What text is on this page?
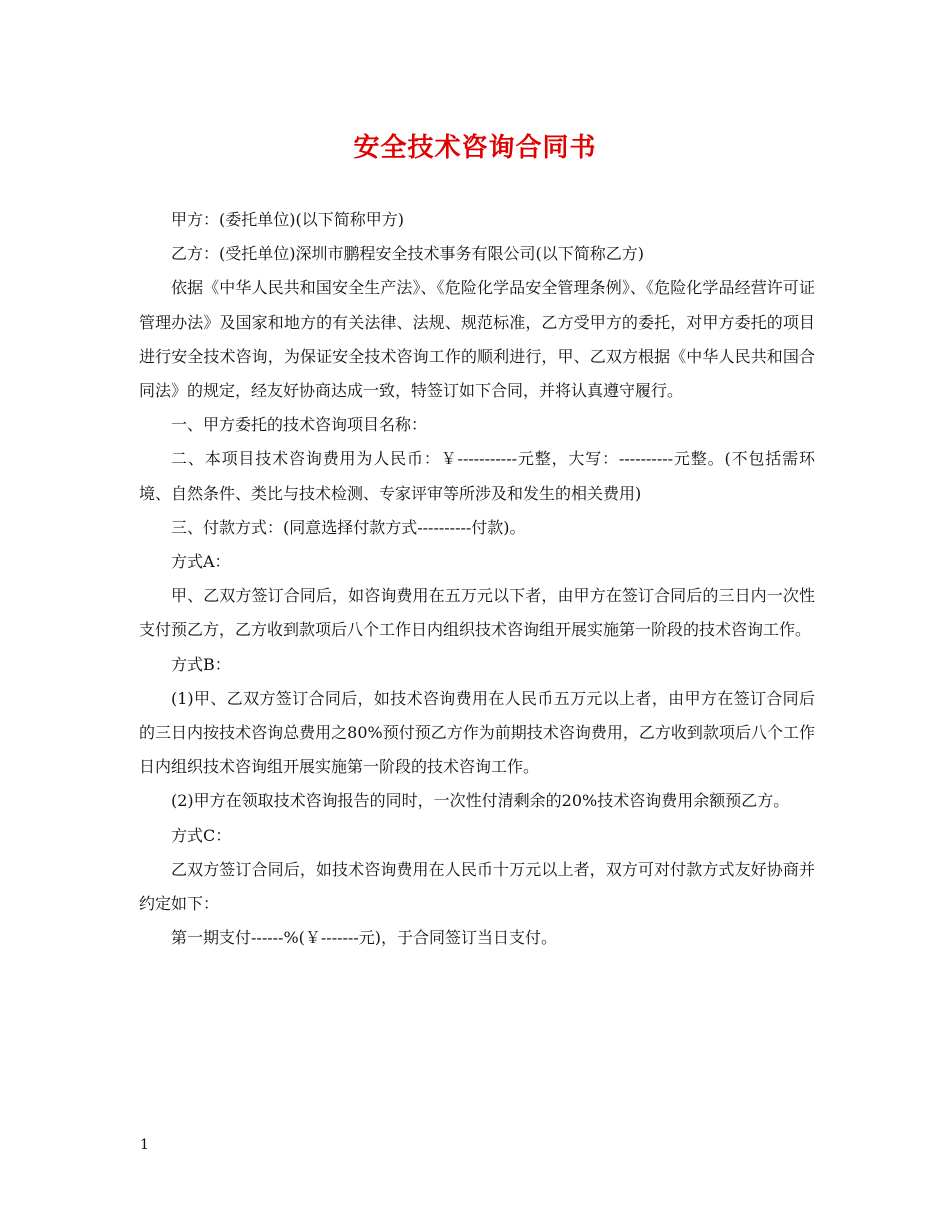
安全技术咨询合同书

甲方：(委托单位)(以下简称甲方)

乙方：(受托单位)深圳市鹏程安全技术事务有限公司(以下简称乙方)

依据《中华人民共和国安全生产法》、《危险化学品安全管理条例》、《危险化学品经营许可证管理办法》及国家和地方的有关法律、法规、规范标准，乙方受甲方的委托，对甲方委托的项目进行安全技术咨询，为保证安全技术咨询工作的顺利进行，甲、乙双方根据《中华人民共和国合同法》的规定，经友好协商达成一致，特签订如下合同，并将认真遵守履行。

一、甲方委托的技术咨询项目名称：

二、本项目技术咨询费用为人民币：￥-----------元整，大写：----------元整。(不包括需环境、自然条件、类比与技术检测、专家评审等所涉及和发生的相关费用)

三、付款方式：(同意选择付款方式----------付款)。

方式A：

甲、乙双方签订合同后，如咨询费用在五万元以下者，由甲方在签订合同后的三日内一次性支付预乙方，乙方收到款项后八个工作日内组织技术咨询组开展实施第一阶段的技术咨询工作。

方式B：

(1)甲、乙双方签订合同后，如技术咨询费用在人民币五万元以上者，由甲方在签订合同后的三日内按技术咨询总费用之80%预付预乙方作为前期技术咨询费用，乙方收到款项后八个工作日内组织技术咨询组开展实施第一阶段的技术咨询工作。

(2)甲方在领取技术咨询报告的同时，一次性付清剩余的20%技术咨询费用余额预乙方。

方式C：

乙双方签订合同后，如技术咨询费用在人民币十万元以上者，双方可对付款方式友好协商并约定如下：

第一期支付------%(￥-------元)，于合同签订当日支付。

1
